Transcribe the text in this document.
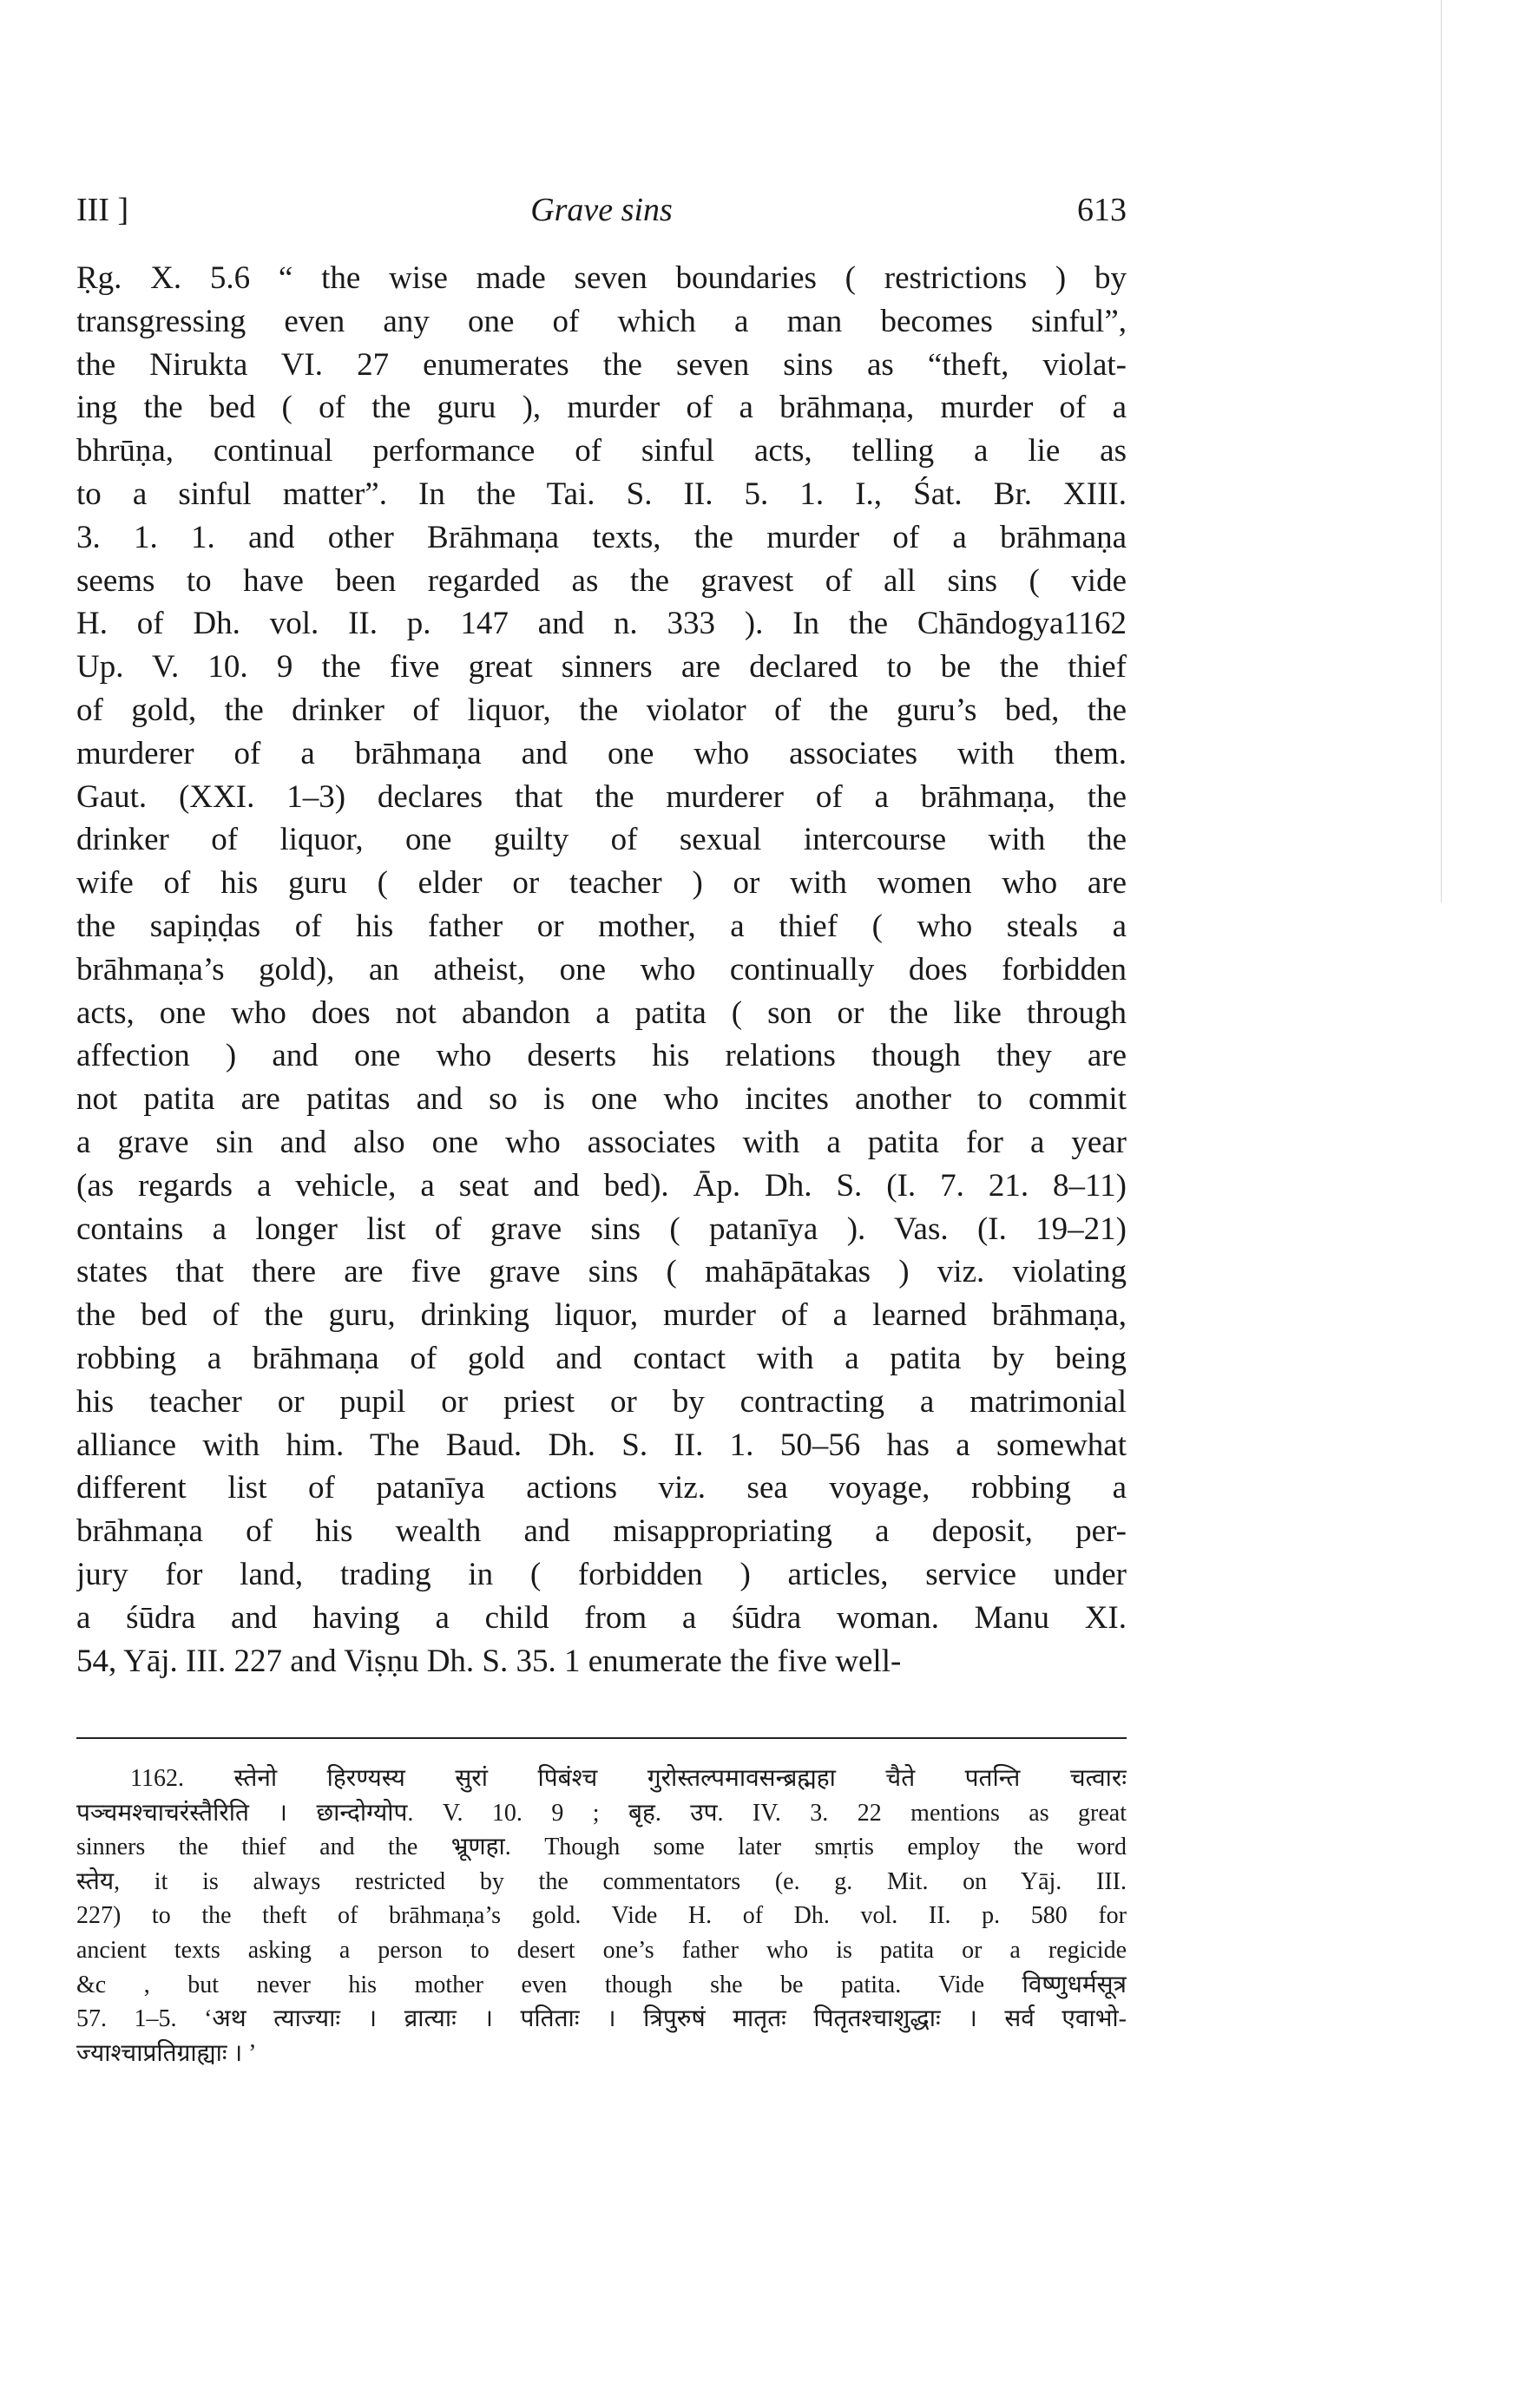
III ]	Grave sins	613
Ṛg. X. 5.6 “ the wise made seven boundaries ( restrictions ) by
transgressing even any one of which a man becomes sinful”,
the Nirukta VI. 27 enumerates the seven sins as “theft, violat-
ing the bed ( of the guru ), murder of a brāhmaṇa, murder of a
bhrūṇa, continual performance of sinful acts, telling a lie as
to a sinful matter”. In the Tai. S. II. 5. 1. I., Śat. Br. XIII.
3. 1. 1. and other Brāhmaṇa texts, the murder of a brāhmaṇa
seems to have been regarded as the gravest of all sins ( vide
H. of Dh. vol. II. p. 147 and n. 333 ). In the Chāndogya1162
Up. V. 10. 9 the five great sinners are declared to be the thief
of gold, the drinker of liquor, the violator of the guru’s bed, the
murderer of a brāhmaṇa and one who associates with them.
Gaut. (XXI. 1–3) declares that the murderer of a brāhmaṇa, the
drinker of liquor, one guilty of sexual intercourse with the
wife of his guru ( elder or teacher ) or with women who are
the sapiṇḍas of his father or mother, a thief ( who steals a
brāhmaṇa’s gold), an atheist, one who continually does forbidden
acts, one who does not abandon a patita ( son or the like through
affection ) and one who deserts his relations though they are
not patita are patitas and so is one who incites another to commit
a grave sin and also one who associates with a patita for a year
(as regards a vehicle, a seat and bed). Āp. Dh. S. (I. 7. 21. 8–11)
contains a longer list of grave sins ( patanīya ). Vas. (I. 19–21)
states that there are five grave sins ( mahāpātakas ) viz. violating
the bed of the guru, drinking liquor, murder of a learned brāhmaṇa,
robbing a brāhmaṇa of gold and contact with a patita by being
his teacher or pupil or priest or by contracting a matrimonial
alliance with him. The Baud. Dh. S. II. 1. 50–56 has a somewhat
different list of patanīya actions viz. sea voyage, robbing a
brāhmaṇa of his wealth and misappropriating a deposit, per-
jury for land, trading in ( forbidden ) articles, service under
a śūdra and having a child from a śūdra woman. Manu XI.
54, Yāj. III. 227 and Viṣṇu Dh. S. 35. 1 enumerate the five well-
1162. स्तेनो हिरण्यस्य सुरां पिबंश्च गुरोस्तल्पमावसन्ब्रह्महा चैते पतन्ति चत्वारः
पञ्चमश्चाचरंस्तैरिति । छान्दोग्योप. V. 10. 9 ; बृह. उप. IV. 3. 22 mentions as great
sinners the thief and the भ्रूणहा. Though some later smṛtis employ the word
स्तेय, it is always restricted by the commentators (e. g. Mit. on Yāj. III.
227) to the theft of brāhmaṇa’s gold. Vide H. of Dh. vol. II. p. 580 for
ancient texts asking a person to desert one’s father who is patita or a regicide
&c , but never his mother even though she be patita. Vide विष्णुधर्मसूत्र
57. 1–5. ‘अथ त्याज्याः । व्रात्याः । पतिताः । त्रिपुरुषं मातृतः पितृतश्चाशुद्धाः । सर्व एवाभो-
ज्याश्चाप्रतिग्राह्याः । ’
